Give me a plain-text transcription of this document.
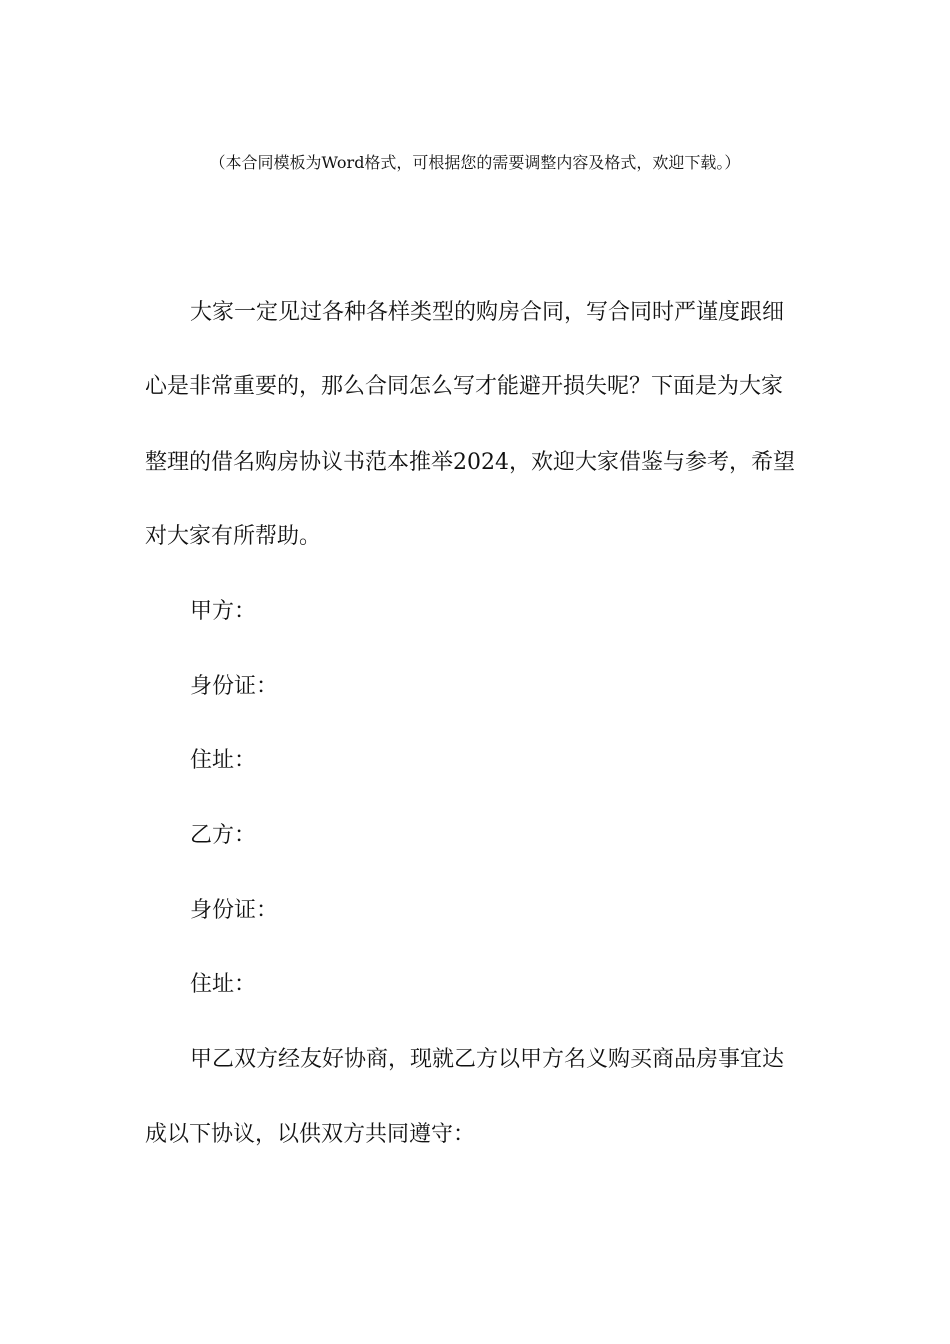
（本合同模板为Word格式，可根据您的需要调整内容及格式，欢迎下载。）
大家一定见过各种各样类型的购房合同，写合同时严谨度跟细
心是非常重要的，那么合同怎么写才能避开损失呢？下面是为大家
整理的借名购房协议书范本推举2024，欢迎大家借鉴与参考，希望
对大家有所帮助。
甲方：
身份证：
住址：
乙方：
身份证：
住址：
甲乙双方经友好协商，现就乙方以甲方名义购买商品房事宜达
成以下协议，以供双方共同遵守：
